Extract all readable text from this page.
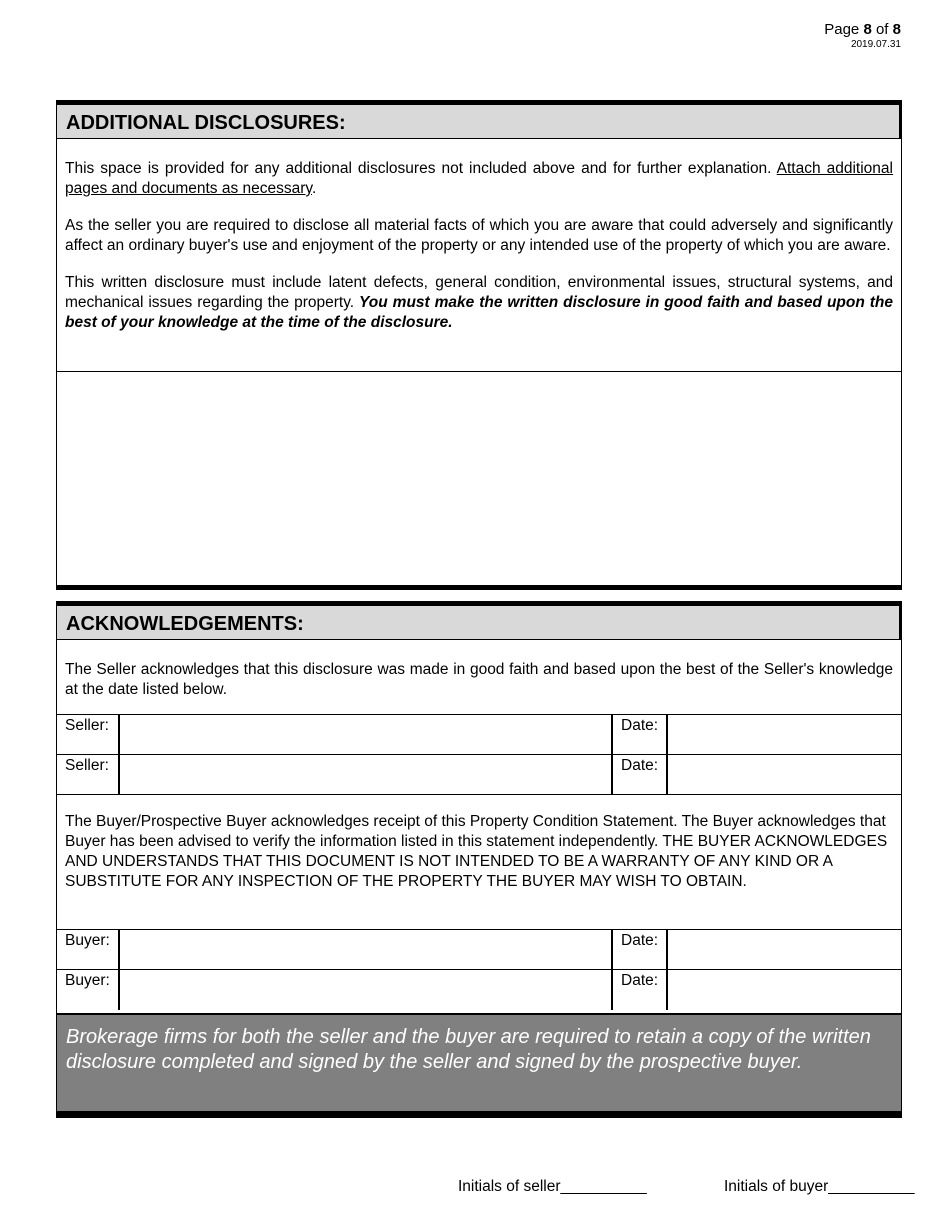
Page 8 of 8
2019.07.31
ADDITIONAL DISCLOSURES:

This space is provided for any additional disclosures not included above and for further explanation. Attach additional pages and documents as necessary.

As the seller you are required to disclose all material facts of which you are aware that could adversely and significantly affect an ordinary buyer's use and enjoyment of the property or any intended use of the property of which you are aware.

This written disclosure must include latent defects, general condition, environmental issues, structural systems, and mechanical issues regarding the property. You must make the written disclosure in good faith and based upon the best of your knowledge at the time of the disclosure.

ACKNOWLEDGEMENTS:

The Seller acknowledges that this disclosure was made in good faith and based upon the best of the Seller's knowledge at the date listed below.

Seller:	Date:
Seller:	Date:
The Buyer/Prospective Buyer acknowledges receipt of this Property Condition Statement. The Buyer acknowledges that Buyer has been advised to verify the information listed in this statement independently. THE BUYER ACKNOWLEDGES AND UNDERSTANDS THAT THIS DOCUMENT IS NOT INTENDED TO BE A WARRANTY OF ANY KIND OR A SUBSTITUTE FOR ANY INSPECTION OF THE PROPERTY THE BUYER MAY WISH TO OBTAIN.
Buyer:	Date:
Buyer:	Date:
Brokerage firms for both the seller and the buyer are required to retain a copy of the written disclosure completed and signed by the seller and signed by the prospective buyer.
Initials of seller__________	Initials of buyer__________
